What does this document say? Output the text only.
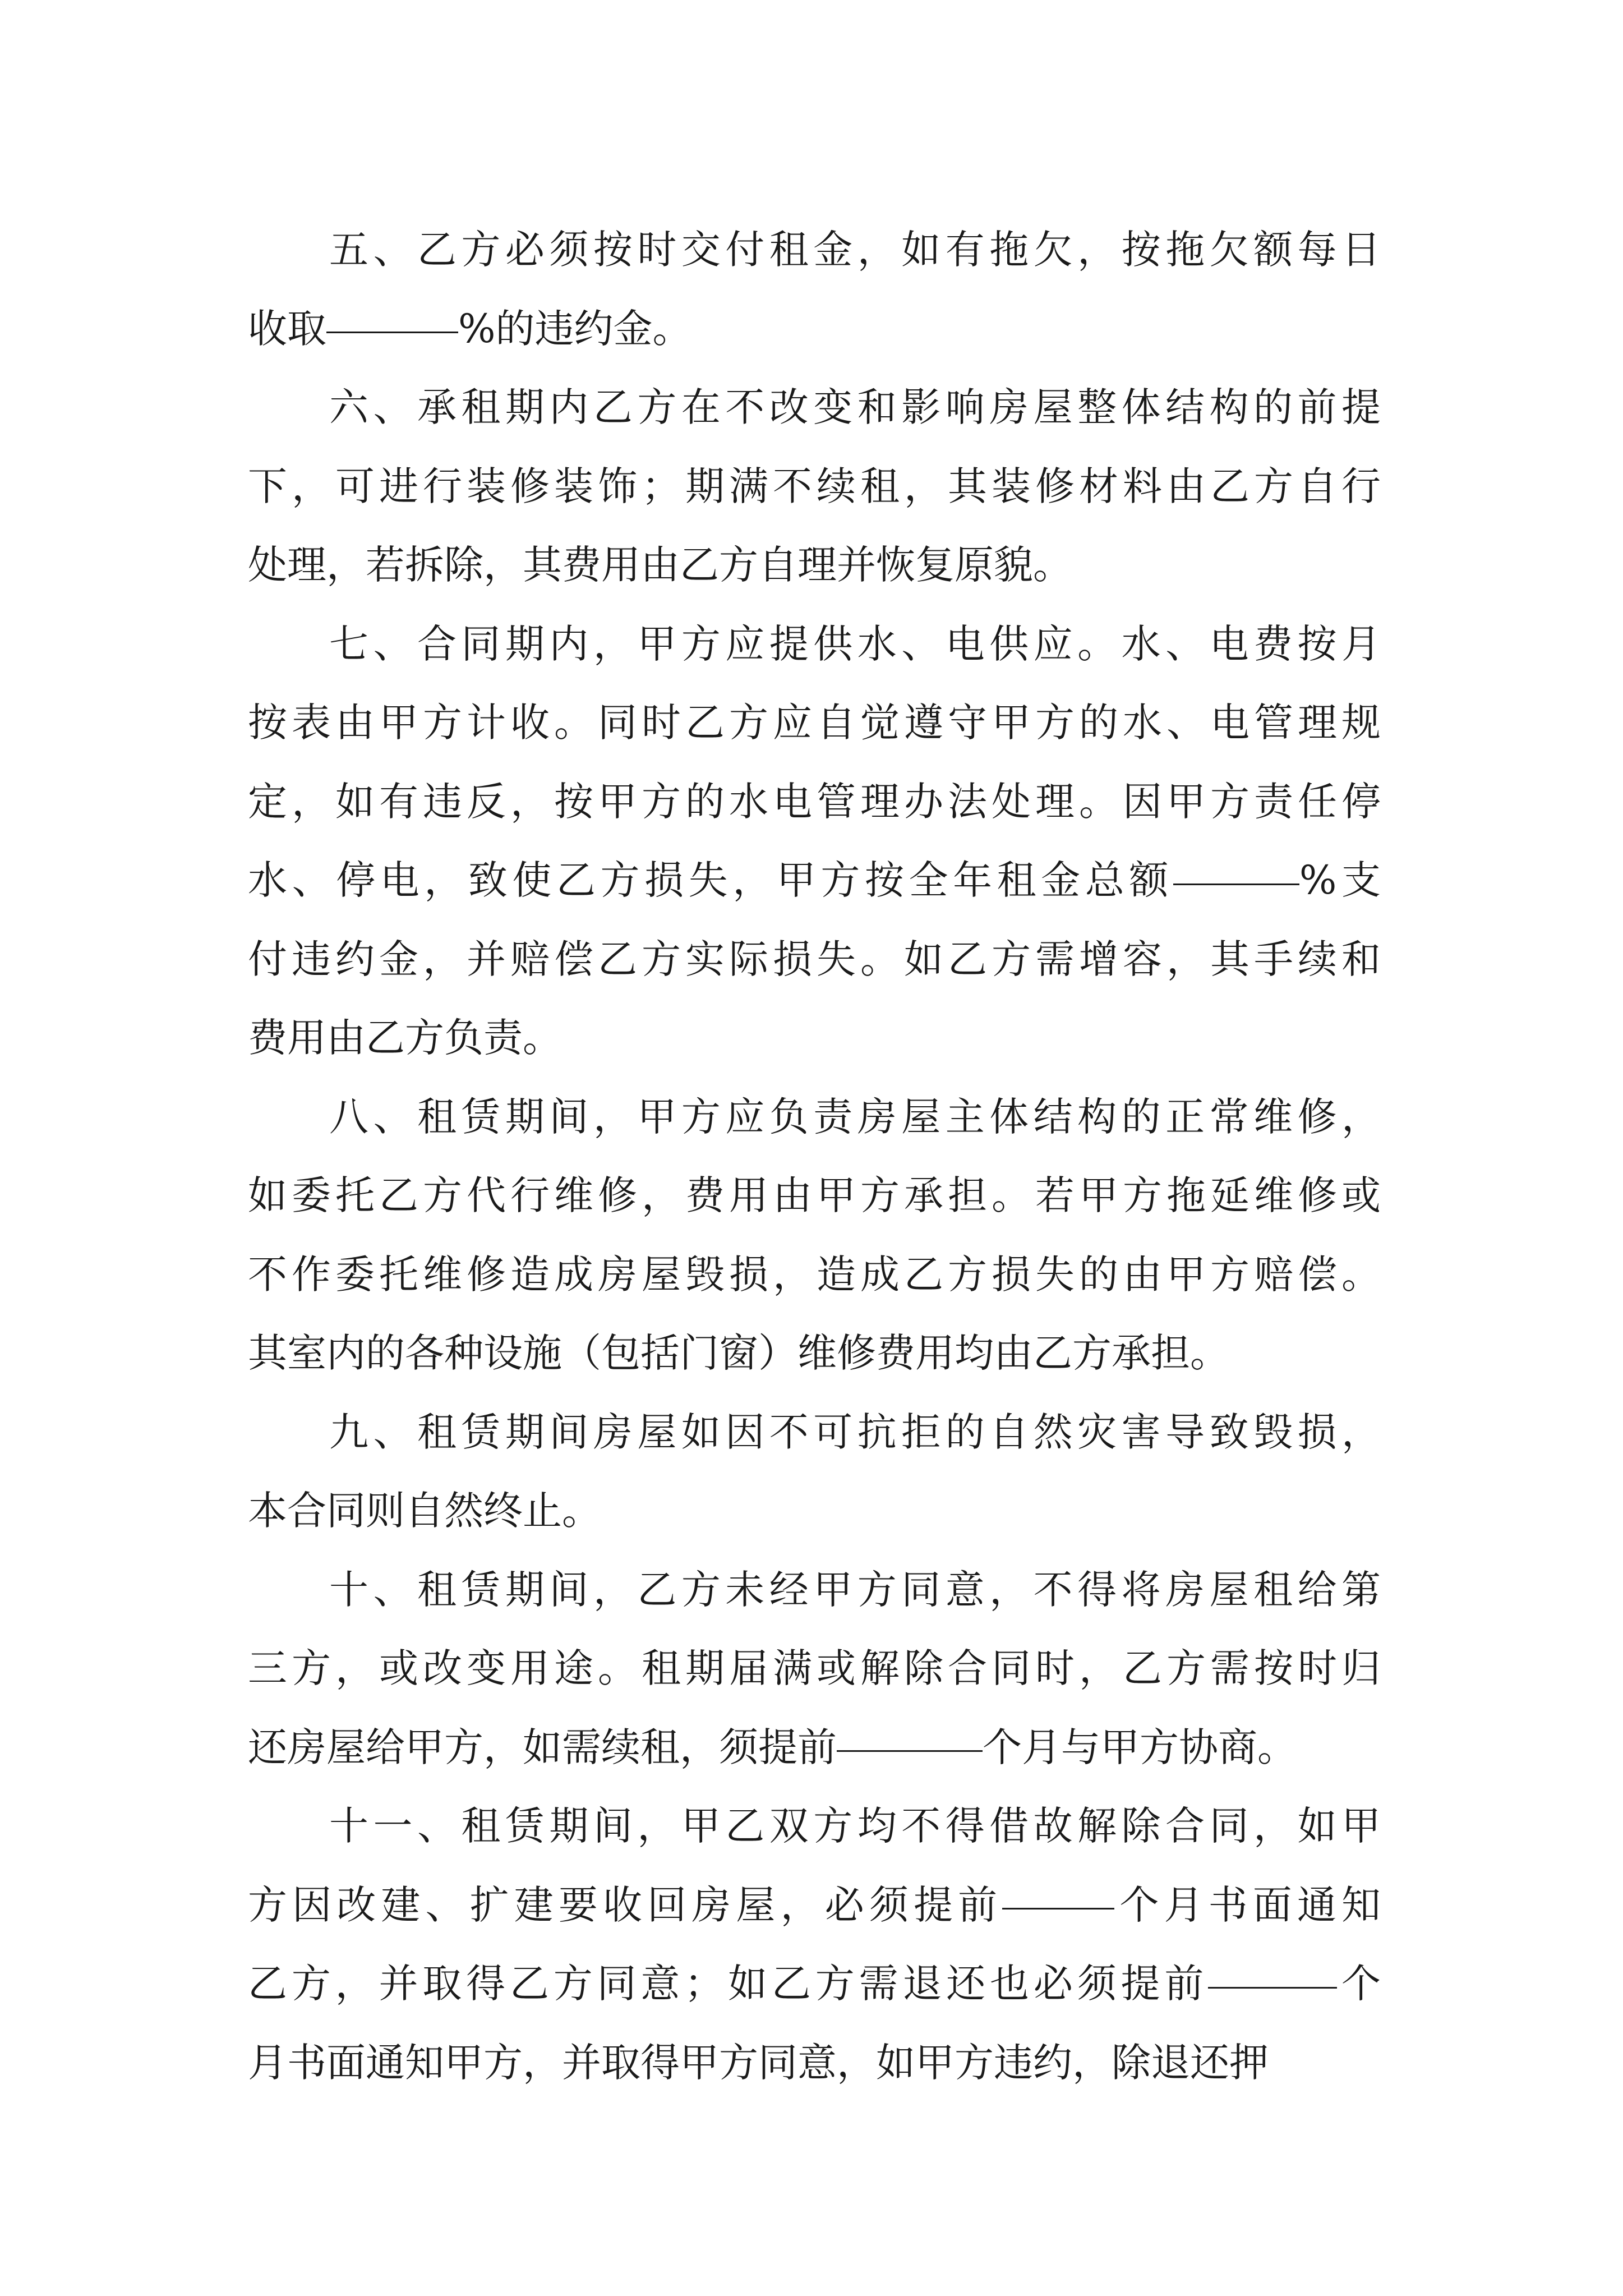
五、乙方必须按时交付租金，如有拖欠，按拖欠额每日
收取	%的违约金。
六、承租期内乙方在不改变和影响房屋整体结构的前提
下，可进行装修装饰；期满不续租，其装修材料由乙方自行
处理，若拆除，其费用由乙方自理并恢复原貌。
七、合同期内，甲方应提供水、电供应。水、电费按月
按表由甲方计收。同时乙方应自觉遵守甲方的水、电管理规
定，如有违反，按甲方的水电管理办法处理。因甲方责任停
水、停电，致使乙方损失，甲方按全年租金总额	%支
付违约金，并赔偿乙方实际损失。如乙方需增容，其手续和
费用由乙方负责。
八、租赁期间，甲方应负责房屋主体结构的正常维修，
如委托乙方代行维修，费用由甲方承担。若甲方拖延维修或
不作委托维修造成房屋毁损，造成乙方损失的由甲方赔偿。
其室内的各种设施（包括门窗）维修费用均由乙方承担。
九、租赁期间房屋如因不可抗拒的自然灾害导致毁损，
本合同则自然终止。
十、租赁期间，乙方未经甲方同意，不得将房屋租给第
三方，或改变用途。租期届满或解除合同时，乙方需按时归
还房屋给甲方，如需续租，须提前	个月与甲方协商。
十一、租赁期间，甲乙双方均不得借故解除合同，如甲
方因改建、扩建要收回房屋，必须提前	个月书面通知
乙方，并取得乙方同意；如乙方需退还也必须提前	个
月书面通知甲方，并取得甲方同意，如甲方违约，除退还押
